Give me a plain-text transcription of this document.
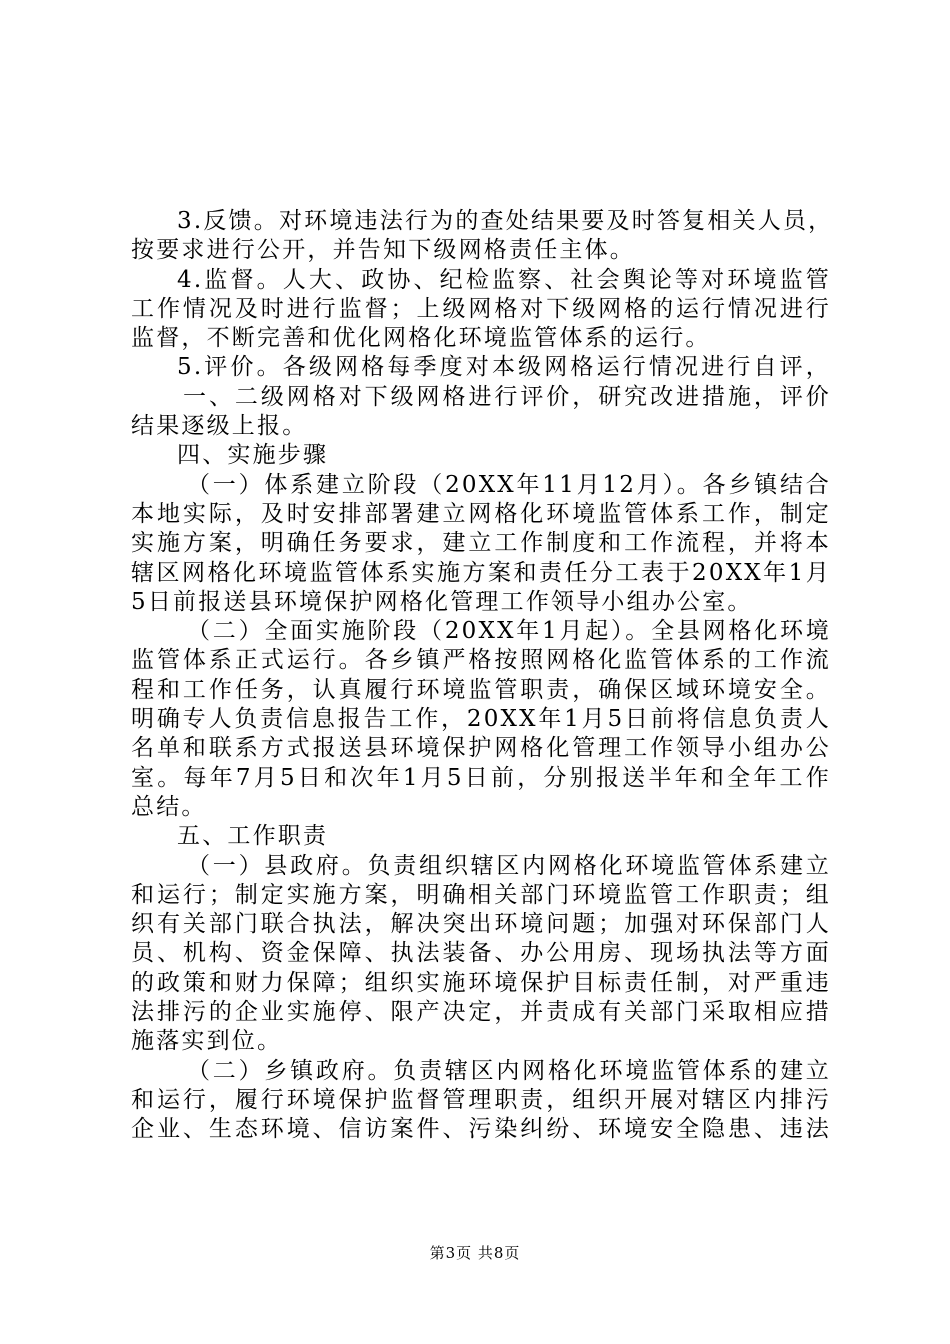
3.反馈。对环境违法行为的查处结果要及时答复相关人员，
按要求进行公开，并告知下级网格责任主体。
4.监督。人大、政协、纪检监察、社会舆论等对环境监管
工作情况及时进行监督；上级网格对下级网格的运行情况进行
监督，不断完善和优化网格化环境监管体系的运行。
5.评价。各级网格每季度对本级网格运行情况进行自评，
一、二级网格对下级网格进行评价，研究改进措施，评价
结果逐级上报。
四、实施步骤
（一）体系建立阶段（20XX年11月12月）。各乡镇结合
本地实际，及时安排部署建立网格化环境监管体系工作，制定
实施方案，明确任务要求，建立工作制度和工作流程，并将本
辖区网格化环境监管体系实施方案和责任分工表于20XX年1月
5日前报送县环境保护网格化管理工作领导小组办公室。
（二）全面实施阶段（20XX年1月起）。全县网格化环境
监管体系正式运行。各乡镇严格按照网格化监管体系的工作流
程和工作任务，认真履行环境监管职责，确保区域环境安全。
明确专人负责信息报告工作，20XX年1月5日前将信息负责人
名单和联系方式报送县环境保护网格化管理工作领导小组办公
室。每年7月5日和次年1月5日前，分别报送半年和全年工作
总结。
五、工作职责
（一）县政府。负责组织辖区内网格化环境监管体系建立
和运行；制定实施方案，明确相关部门环境监管工作职责；组
织有关部门联合执法，解决突出环境问题；加强对环保部门人
员、机构、资金保障、执法装备、办公用房、现场执法等方面
的政策和财力保障；组织实施环境保护目标责任制，对严重违
法排污的企业实施停、限产决定，并责成有关部门采取相应措
施落实到位。
（二）乡镇政府。负责辖区内网格化环境监管体系的建立
和运行，履行环境保护监督管理职责，组织开展对辖区内排污
企业、生态环境、信访案件、污染纠纷、环境安全隐患、违法
第3页 共8页
